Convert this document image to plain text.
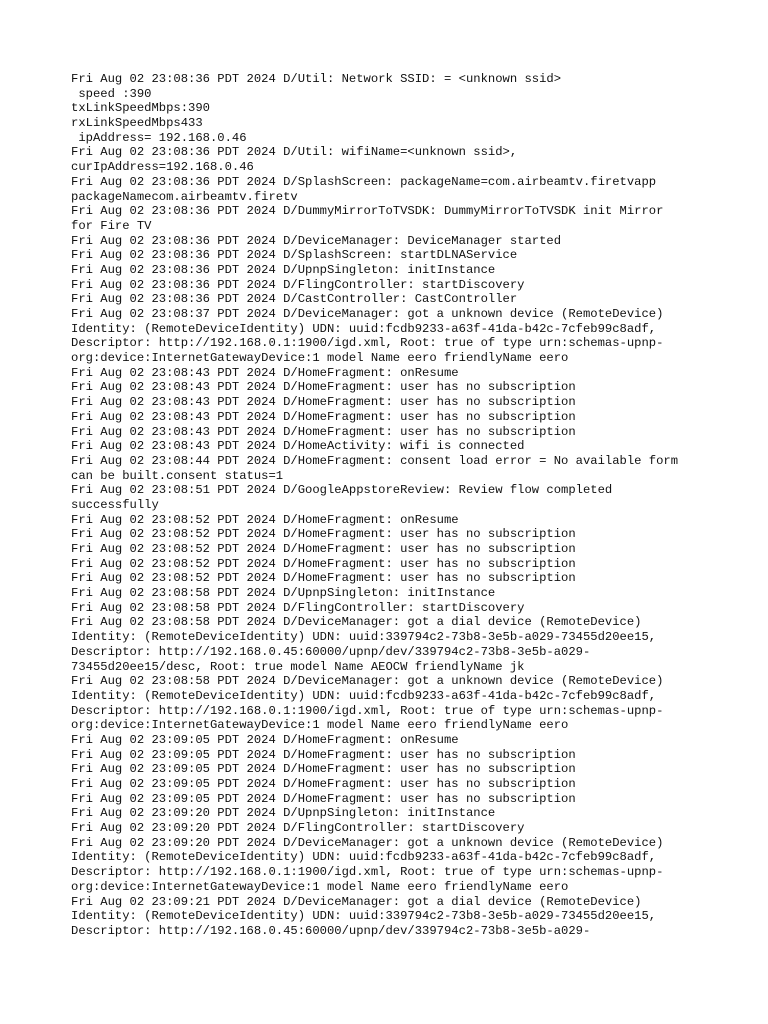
Fri Aug 02 23:08:36 PDT 2024 D/Util: Network SSID: = <unknown ssid>
speed :390
txLinkSpeedMbps:390
rxLinkSpeedMbps433
ipAddress= 192.168.0.46
Fri Aug 02 23:08:36 PDT 2024 D/Util: wifiName=<unknown ssid>,
curIpAddress=192.168.0.46
Fri Aug 02 23:08:36 PDT 2024 D/SplashScreen: packageName=com.airbeamtv.firetvapp
packageNamecom.airbeamtv.firetv
Fri Aug 02 23:08:36 PDT 2024 D/DummyMirrorToTVSDK: DummyMirrorToTVSDK init Mirror
for Fire TV
Fri Aug 02 23:08:36 PDT 2024 D/DeviceManager: DeviceManager started
Fri Aug 02 23:08:36 PDT 2024 D/SplashScreen: startDLNAService
Fri Aug 02 23:08:36 PDT 2024 D/UpnpSingleton: initInstance
Fri Aug 02 23:08:36 PDT 2024 D/FlingController: startDiscovery
Fri Aug 02 23:08:36 PDT 2024 D/CastController: CastController
Fri Aug 02 23:08:37 PDT 2024 D/DeviceManager: got a unknown device (RemoteDevice)
Identity: (RemoteDeviceIdentity) UDN: uuid:fcdb9233-a63f-41da-b42c-7cfeb99c8adf,
Descriptor: http://192.168.0.1:1900/igd.xml, Root: true of type urn:schemas-upnp-
org:device:InternetGatewayDevice:1 model Name eero friendlyName eero
Fri Aug 02 23:08:43 PDT 2024 D/HomeFragment: onResume
Fri Aug 02 23:08:43 PDT 2024 D/HomeFragment: user has no subscription
Fri Aug 02 23:08:43 PDT 2024 D/HomeFragment: user has no subscription
Fri Aug 02 23:08:43 PDT 2024 D/HomeFragment: user has no subscription
Fri Aug 02 23:08:43 PDT 2024 D/HomeFragment: user has no subscription
Fri Aug 02 23:08:43 PDT 2024 D/HomeActivity: wifi is connected
Fri Aug 02 23:08:44 PDT 2024 D/HomeFragment: consent load error = No available form
can be built.consent status=1
Fri Aug 02 23:08:51 PDT 2024 D/GoogleAppstoreReview: Review flow completed
successfully
Fri Aug 02 23:08:52 PDT 2024 D/HomeFragment: onResume
Fri Aug 02 23:08:52 PDT 2024 D/HomeFragment: user has no subscription
Fri Aug 02 23:08:52 PDT 2024 D/HomeFragment: user has no subscription
Fri Aug 02 23:08:52 PDT 2024 D/HomeFragment: user has no subscription
Fri Aug 02 23:08:52 PDT 2024 D/HomeFragment: user has no subscription
Fri Aug 02 23:08:58 PDT 2024 D/UpnpSingleton: initInstance
Fri Aug 02 23:08:58 PDT 2024 D/FlingController: startDiscovery
Fri Aug 02 23:08:58 PDT 2024 D/DeviceManager: got a dial device (RemoteDevice)
Identity: (RemoteDeviceIdentity) UDN: uuid:339794c2-73b8-3e5b-a029-73455d20ee15,
Descriptor: http://192.168.0.45:60000/upnp/dev/339794c2-73b8-3e5b-a029-
73455d20ee15/desc, Root: true model Name AEOCW friendlyName jk
Fri Aug 02 23:08:58 PDT 2024 D/DeviceManager: got a unknown device (RemoteDevice)
Identity: (RemoteDeviceIdentity) UDN: uuid:fcdb9233-a63f-41da-b42c-7cfeb99c8adf,
Descriptor: http://192.168.0.1:1900/igd.xml, Root: true of type urn:schemas-upnp-
org:device:InternetGatewayDevice:1 model Name eero friendlyName eero
Fri Aug 02 23:09:05 PDT 2024 D/HomeFragment: onResume
Fri Aug 02 23:09:05 PDT 2024 D/HomeFragment: user has no subscription
Fri Aug 02 23:09:05 PDT 2024 D/HomeFragment: user has no subscription
Fri Aug 02 23:09:05 PDT 2024 D/HomeFragment: user has no subscription
Fri Aug 02 23:09:05 PDT 2024 D/HomeFragment: user has no subscription
Fri Aug 02 23:09:20 PDT 2024 D/UpnpSingleton: initInstance
Fri Aug 02 23:09:20 PDT 2024 D/FlingController: startDiscovery
Fri Aug 02 23:09:20 PDT 2024 D/DeviceManager: got a unknown device (RemoteDevice)
Identity: (RemoteDeviceIdentity) UDN: uuid:fcdb9233-a63f-41da-b42c-7cfeb99c8adf,
Descriptor: http://192.168.0.1:1900/igd.xml, Root: true of type urn:schemas-upnp-
org:device:InternetGatewayDevice:1 model Name eero friendlyName eero
Fri Aug 02 23:09:21 PDT 2024 D/DeviceManager: got a dial device (RemoteDevice)
Identity: (RemoteDeviceIdentity) UDN: uuid:339794c2-73b8-3e5b-a029-73455d20ee15,
Descriptor: http://192.168.0.45:60000/upnp/dev/339794c2-73b8-3e5b-a029-
